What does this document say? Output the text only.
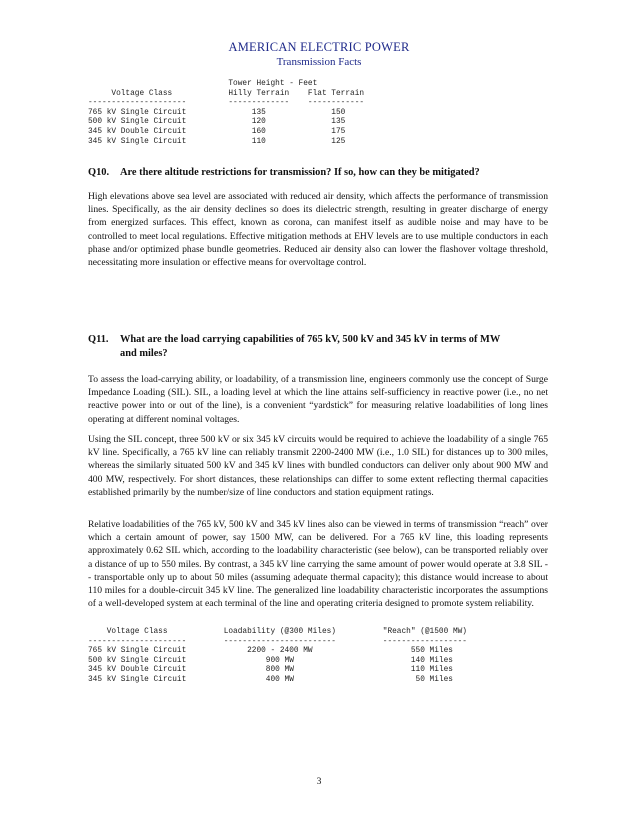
AMERICAN ELECTRIC POWER
Transmission Facts
Tower Height - Feet
Voltage Class            Hilly Terrain    Flat Terrain
---------------------         -------------    ------------
765 kV Single Circuit              135              150
500 kV Single Circuit              120              135
345 kV Double Circuit              160              175
345 kV Single Circuit              110              125

Q10. Are there altitude restrictions for transmission? If so, how can they be mitigated?

High elevations above sea level are associated with reduced air density, which affects the performance of transmission lines. Specifically, as the air density declines so does its dielectric strength, resulting in greater discharge of energy from energized surfaces. This effect, known as corona, can manifest itself as audible noise and may have to be controlled to meet local regulations. Effective mitigation methods at EHV levels are to use multiple conductors in each phase and/or optimized phase bundle geometries. Reduced air density also can lower the flashover voltage threshold, necessitating more insulation or effective means for overvoltage control.

Q11. What are the load carrying capabilities of 765 kV, 500 kV and 345 kV in terms of MW
and miles?

To assess the load-carrying ability, or loadability, of a transmission line, engineers commonly use the concept of Surge Impedance Loading (SIL). SIL, a loading level at which the line attains self-sufficiency in reactive power (i.e., no net reactive power into or out of the line), is a convenient “yardstick” for measuring relative loadabilities of long lines operating at different nominal voltages.

Using the SIL concept, three 500 kV or six 345 kV circuits would be required to achieve the loadability of a single 765 kV line. Specifically, a 765 kV line can reliably transmit 2200-2400 MW (i.e., 1.0 SIL) for distances up to 300 miles, whereas the similarly situated 500 kV and 345 kV lines with bundled conductors can deliver only about 900 MW and 400 MW, respectively. For short distances, these relationships can differ to some extent reflecting thermal capacities established primarily by the number/size of line conductors and station equipment ratings.

Relative loadabilities of the 765 kV, 500 kV and 345 kV lines also can be viewed in terms of transmission “reach” over which a certain amount of power, say 1500 MW, can be delivered. For a 765 kV line, this loading represents approximately 0.62 SIL which, according to the loadability characteristic (see below), can be transported reliably over a distance of up to 550 miles. By contrast, a 345 kV line carrying the same amount of power would operate at 3.8 SIL -- transportable only up to about 50 miles (assuming adequate thermal capacity); this distance would increase to about 110 miles for a double-circuit 345 kV line. The generalized line loadability characteristic incorporates the assumptions of a well-developed system at each terminal of the line and operating criteria designed to promote system reliability.

Voltage Class            Loadability (@300 Miles)          "Reach" (@1500 MW)
---------------------        ------------------------          ------------------
765 kV Single Circuit             2200 - 2400 MW                     550 Miles
500 kV Single Circuit                 900 MW                         140 Miles
345 kV Double Circuit                 800 MW                         110 Miles
345 kV Single Circuit                 400 MW                          50 Miles
3
